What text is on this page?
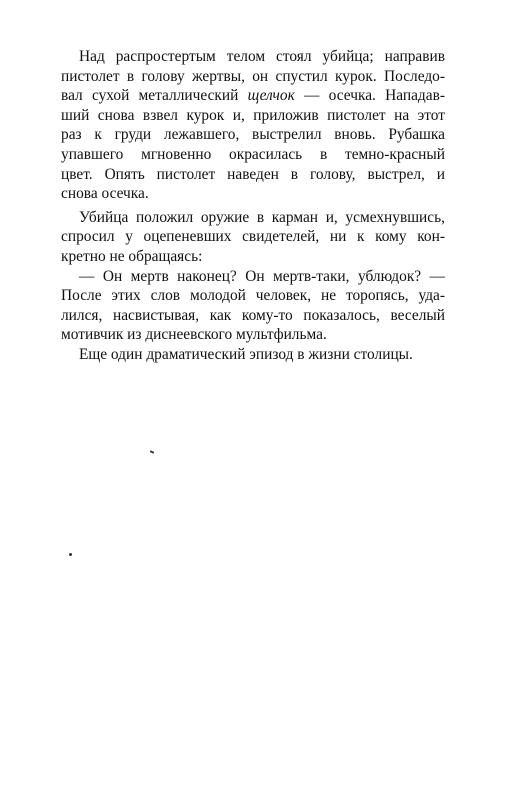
Над распростертым телом стоял убийца; направив
пистолет в голову жертвы, он спустил курок. Последо-
вал сухой металлический щелчок — осечка. Нападав-
ший снова взвел курок и, приложив пистолет на этот
раз к груди лежавшего, выстрелил вновь. Рубашка
упавшего мгновенно окрасилась в темно-красный
цвет. Опять пистолет наведен в голову, выстрел, и
снова осечка.
Убийца положил оружие в карман и, усмехнувшись,
спросил у оцепеневших свидетелей, ни к кому кон-
кретно не обращаясь:
— Он мертв наконец? Он мертв-таки, ублюдок? —
После этих слов молодой человек, не торопясь, уда-
лился, насвистывая, как кому-то показалось, веселый
мотивчик из диснеевского мультфильма.
Еще один драматический эпизод в жизни столицы.
